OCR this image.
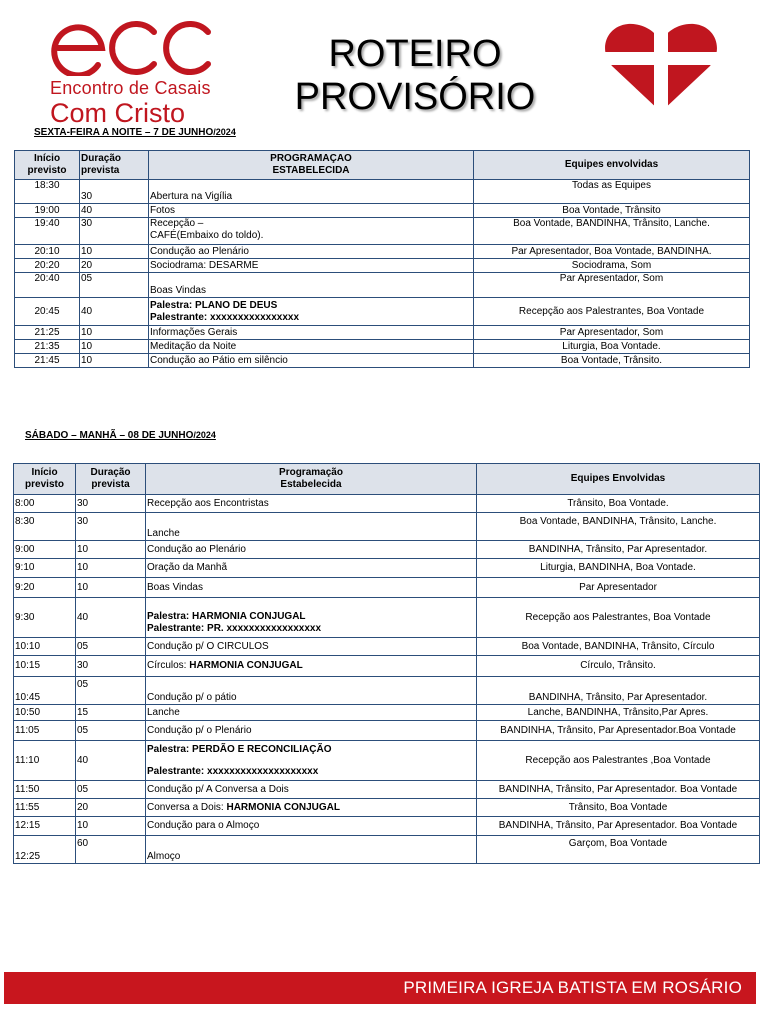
Encontro de Casais
Com Cristo
ROTEIRO
PROVISÓRIO
SEXTA-FEIRA A NOITE – 7 DE JUNHO/2024
Início previsto	Duração prevista	PROGRAMAÇAO
ESTABELECIDA	Equipes envolvidas
18:30	30	Abertura na Vigília	Todas as Equipes
19:00	40	Fotos	Boa Vontade, Trânsito
19:40	30	Recepção –
CAFÉ(Embaixo do toldo).	Boa Vontade, BANDINHA, Trânsito, Lanche.
20:10	10	Condução ao Plenário	Par Apresentador, Boa Vontade, BANDINHA.
20:20	20	Sociodrama: DESARME	Sociodrama, Som
20:40	05	Boas Vindas	Par Apresentador, Som
20:45	40	Palestra: PLANO DE DEUS
Palestrante: xxxxxxxxxxxxxxxx	Recepção aos Palestrantes, Boa Vontade
21:25	10	Informações Gerais	Par Apresentador, Som
21:35	10	Meditação da Noite	Liturgia, Boa Vontade.
21:45	10	Condução ao Pátio em silêncio	Boa Vontade, Trânsito.
SÁBADO – MANHÃ – 08 DE JUNHO/2024
Início previsto	Duração prevista	Programação
Estabelecida	Equipes Envolvidas
8:00	30	Recepção aos Encontristas	Trânsito, Boa Vontade.
8:30	30	Lanche	Boa Vontade, BANDINHA, Trânsito, Lanche.
9:00	10	Condução ao Plenário	BANDINHA, Trânsito, Par Apresentador.
9:10	10	Oração da Manhã	Liturgia, BANDINHA, Boa Vontade.
9:20	10	Boas Vindas	Par Apresentador
9:30	40	Palestra: HARMONIA CONJUGAL
Palestrante: PR. xxxxxxxxxxxxxxxxx	Recepção aos Palestrantes, Boa Vontade
10:10	05	Condução p/ O CIRCULOS	Boa Vontade, BANDINHA, Trânsito, Círculo
10:15	30	Círculos: HARMONIA CONJUGAL	Círculo, Trânsito.
10:45	05	Condução p/ o pátio	BANDINHA, Trânsito, Par Apresentador.
10:50	15	Lanche	Lanche, BANDINHA, Trânsito,Par Apres.
11:05	05	Condução p/ o Plenário	BANDINHA, Trânsito, Par Apresentador.Boa Vontade
11:10	40	Palestra: PERDÃO E RECONCILIAÇÃO
Palestrante: xxxxxxxxxxxxxxxxxxxx	Recepção aos Palestrantes ,Boa Vontade
11:50	05	Condução p/ A Conversa a Dois	BANDINHA, Trânsito, Par Apresentador. Boa Vontade
11:55	20	Conversa a Dois: HARMONIA CONJUGAL	Trânsito, Boa Vontade
12:15	10	Condução para o Almoço	BANDINHA, Trânsito, Par Apresentador. Boa Vontade
12:25	60	Almoço	Garçom, Boa Vontade
PRIMEIRA IGREJA BATISTA EM ROSÁRIO
